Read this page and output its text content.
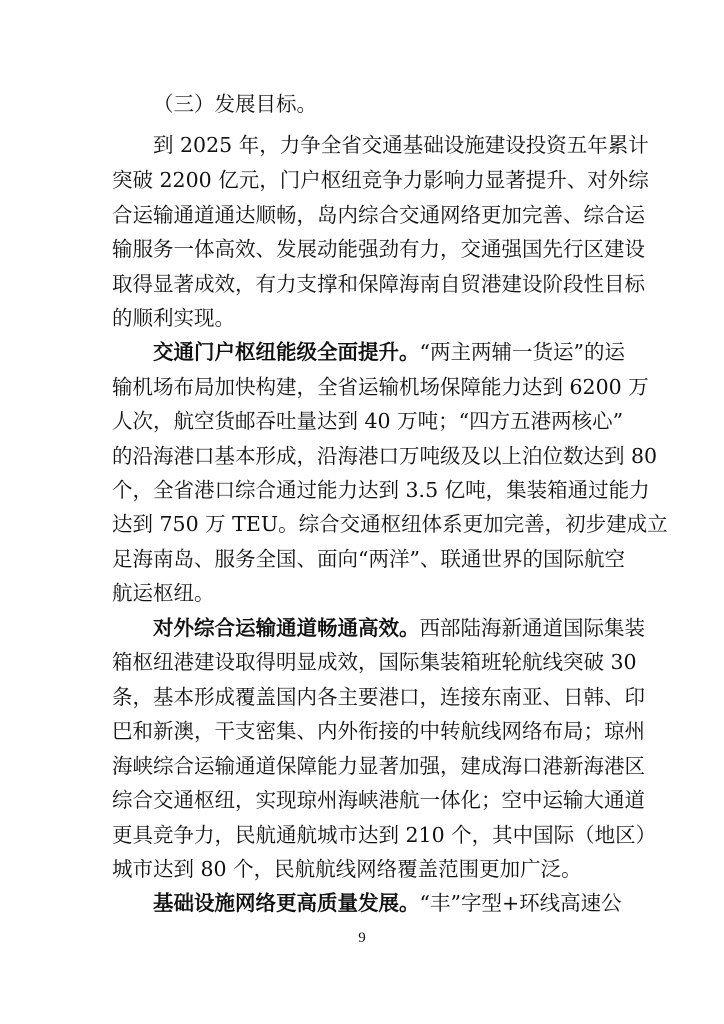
（三）发展目标。
到 2025 年，力争全省交通基础设施建设投资五年累计
突破 2200 亿元，门户枢纽竞争力影响力显著提升、对外综
合运输通道通达顺畅，岛内综合交通网络更加完善、综合运
输服务一体高效、发展动能强劲有力，交通强国先行区建设
取得显著成效，有力支撑和保障海南自贸港建设阶段性目标
的顺利实现。
交通门户枢纽能级全面提升。“两主两辅一货运”的运
输机场布局加快构建，全省运输机场保障能力达到 6200 万
人次，航空货邮吞吐量达到 40 万吨；“四方五港两核心”
的沿海港口基本形成，沿海港口万吨级及以上泊位数达到 80
个，全省港口综合通过能力达到 3.5 亿吨，集装箱通过能力
达到 750 万 TEU。综合交通枢纽体系更加完善，初步建成立
足海南岛、服务全国、面向“两洋”、联通世界的国际航空
航运枢纽。
对外综合运输通道畅通高效。西部陆海新通道国际集装
箱枢纽港建设取得明显成效，国际集装箱班轮航线突破 30
条，基本形成覆盖国内各主要港口，连接东南亚、日韩、印
巴和新澳，干支密集、内外衔接的中转航线网络布局；琼州
海峡综合运输通道保障能力显著加强，建成海口港新海港区
综合交通枢纽，实现琼州海峡港航一体化；空中运输大通道
更具竞争力，民航通航城市达到 210 个，其中国际（地区）
城市达到 80 个，民航航线网络覆盖范围更加广泛。
基础设施网络更高质量发展。“丰”字型+环线高速公
9
